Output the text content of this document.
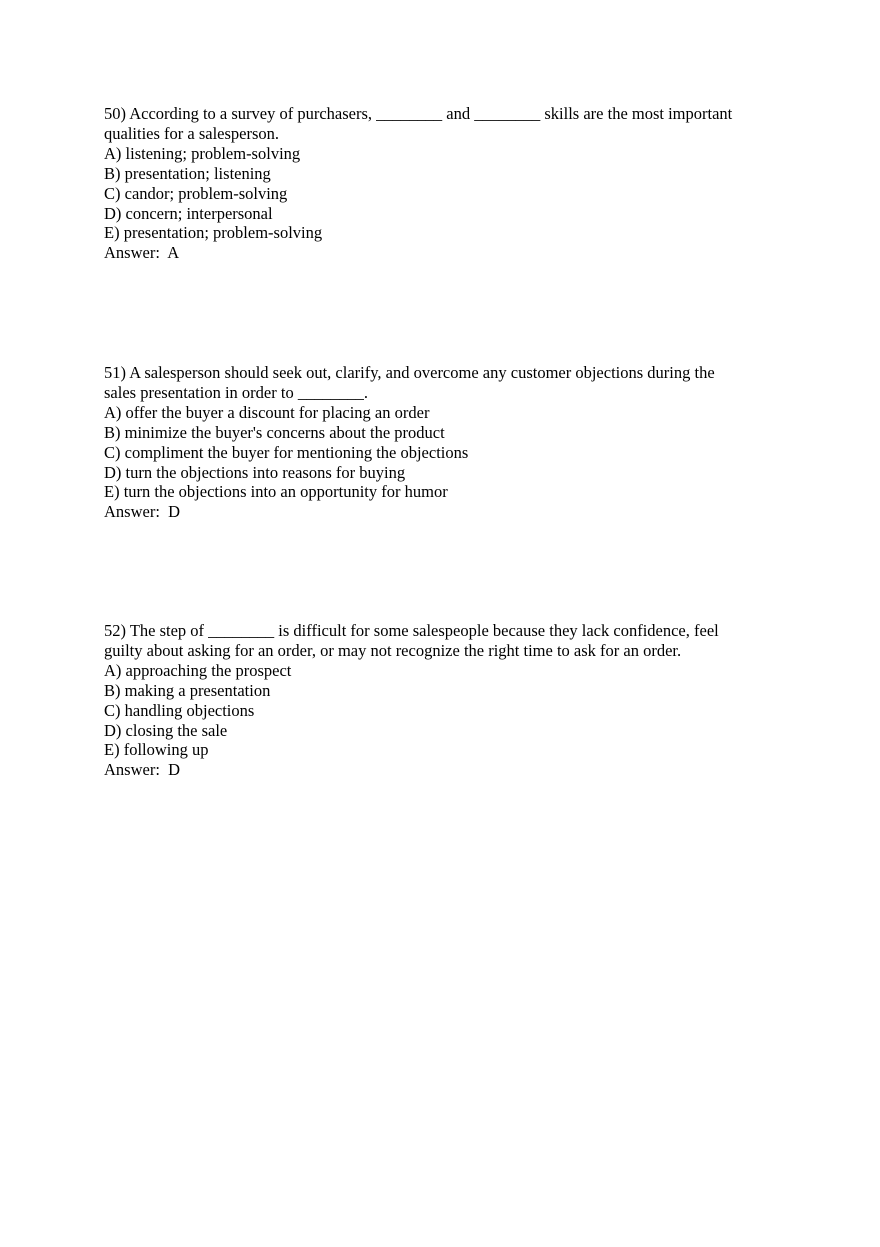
50) According to a survey of purchasers, ________ and ________ skills are the most important
qualities for a salesperson.
A) listening; problem-solving
B) presentation; listening
C) candor; problem-solving
D) concern; interpersonal
E) presentation; problem-solving
Answer:  A
51) A salesperson should seek out, clarify, and overcome any customer objections during the
sales presentation in order to ________.
A) offer the buyer a discount for placing an order
B) minimize the buyer's concerns about the product
C) compliment the buyer for mentioning the objections
D) turn the objections into reasons for buying
E) turn the objections into an opportunity for humor
Answer:  D
52) The step of ________ is difficult for some salespeople because they lack confidence, feel
guilty about asking for an order, or may not recognize the right time to ask for an order.
A) approaching the prospect
B) making a presentation
C) handling objections
D) closing the sale
E) following up
Answer:  D
